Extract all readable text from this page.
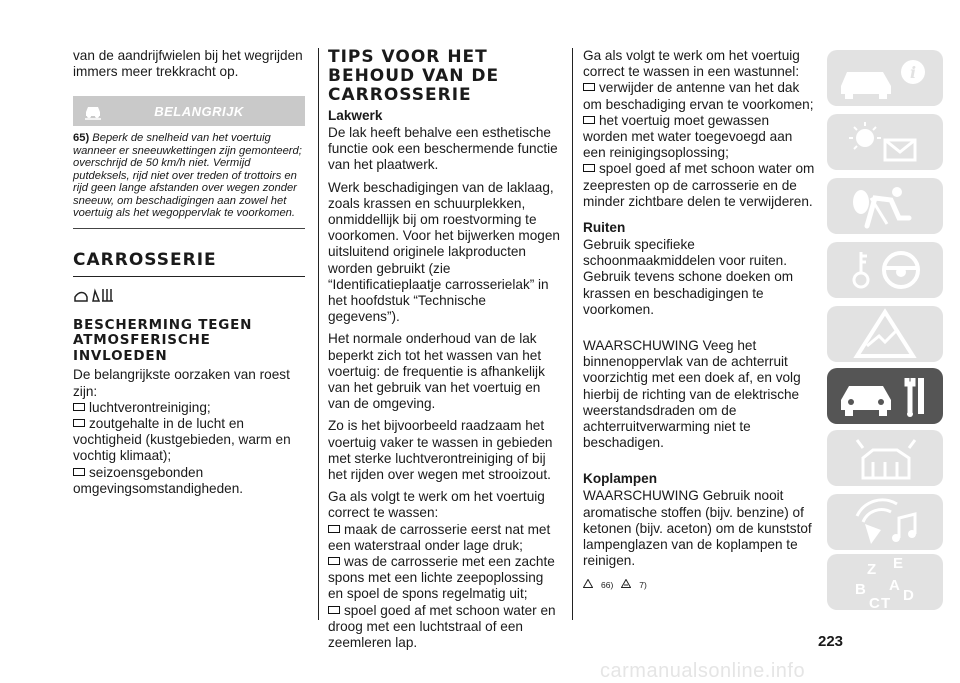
van de aandrijfwielen bij het wegrijden immers meer trekkracht op.

BELANGRIJK
65) Beperk de snelheid van het voertuig wanneer er sneeuwkettingen zijn gemonteerd; overschrijd de 50 km/h niet. Vermijd putdeksels, rijd niet over treden of trottoirs en rijd geen lange afstanden over wegen zonder sneeuw, om beschadigingen aan zowel het voertuig als het wegoppervlak te voorkomen.
CARROSSERIE
BESCHERMING TEGEN ATMOSFERISCHE INVLOEDEN

De belangrijkste oorzaken van roest zijn:

luchtverontreiniging;
zoutgehalte in de lucht en vochtigheid (kustgebieden, warm en vochtig klimaat);
seizoensgebonden omgevingsomstandigheden.
TIPS VOOR HET BEHOUD VAN DE CARROSSERIE
Lakwerk

De lak heeft behalve een esthetische functie ook een beschermende functie van het plaatwerk.

Werk beschadigingen van de laklaag, zoals krassen en schuurplekken, onmiddellijk bij om roestvorming te voorkomen. Voor het bijwerken mogen uitsluitend originele lakproducten worden gebruikt (zie “Identificatieplaatje carrosserielak” in het hoofdstuk “Technische gegevens”).

Het normale onderhoud van de lak beperkt zich tot het wassen van het voertuig: de frequentie is afhankelijk van het gebruik van het voertuig en van de omgeving.

Zo is het bijvoorbeeld raadzaam het voertuig vaker te wassen in gebieden met sterke luchtverontreiniging of bij het rijden over wegen met strooizout.

Ga als volgt te werk om het voertuig correct te wassen:

maak de carrosserie eerst nat met een waterstraal onder lage druk;
was de carrosserie met een zachte spons met een lichte zeepoplossing en spoel de spons regelmatig uit;
spoel goed af met schoon water en droog met een luchtstraal of een zeemleren lap.

Ga als volgt te werk om het voertuig correct te wassen in een wastunnel:

verwijder de antenne van het dak om beschadiging ervan te voorkomen;
het voertuig moet gewassen worden met water toegevoegd aan een reinigingsoplossing;
spoel goed af met schoon water om zeepresten op de carrosserie en de minder zichtbare delen te verwijderen.
Ruiten

Gebruik specifieke schoonmaakmiddelen voor ruiten. Gebruik tevens schone doeken om krassen en beschadigingen te voorkomen.

WAARSCHUWING Veeg het binnenoppervlak van de achterruit voorzichtig met een doek af, en volg hierbij de richting van de elektrische weerstandsdraden om de achterruitverwarming niet te beschadigen.

Koplampen

WAARSCHUWING Gebruik nooit aromatische stoffen (bijv. benzine) of ketonen (bijv. aceton) om de kunststof lampenglazen van de koplampen te reinigen.

66)	7)
i
Z E
B A
C T D
223
carmanualsonline.info
